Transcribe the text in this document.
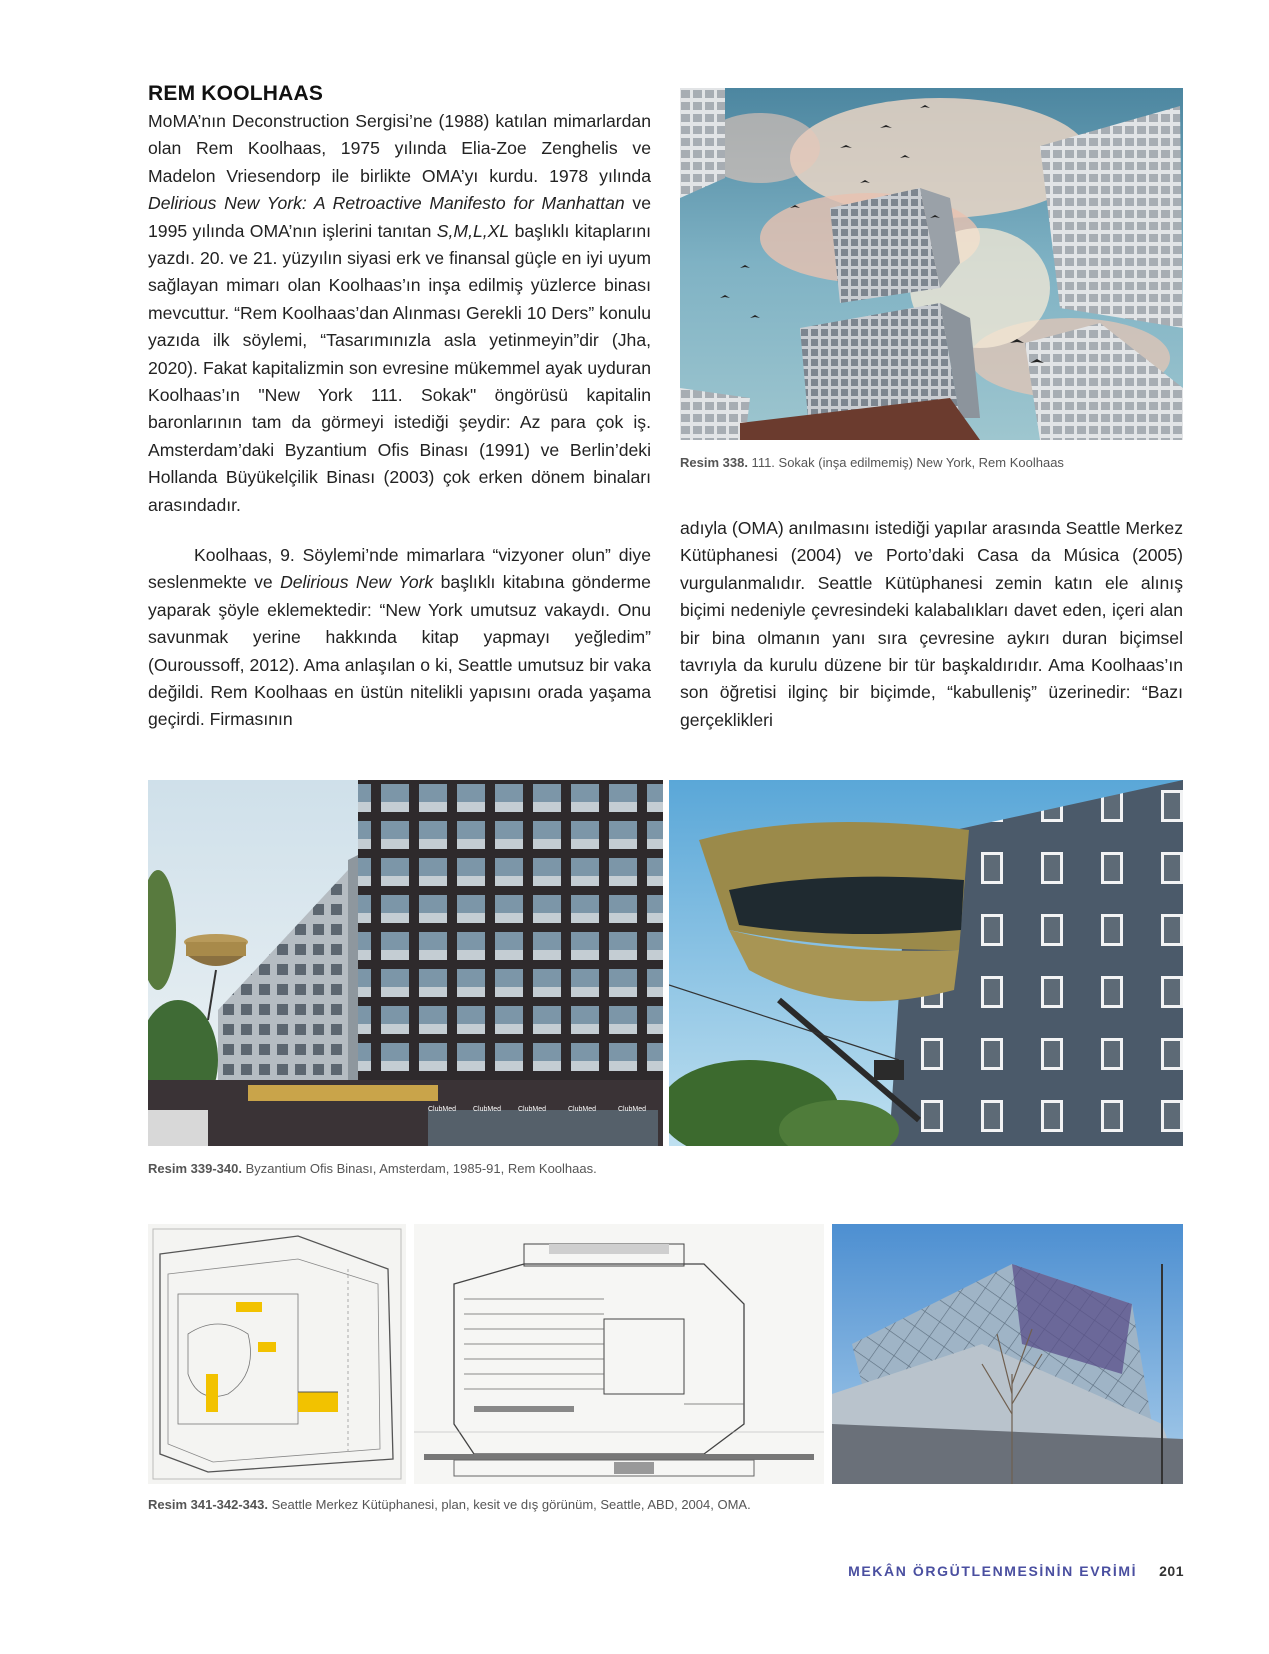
REM KOOLHAAS

MoMA’nın Deconstruction Sergisi’ne (1988) katılan mimarlardan olan Rem Koolhaas, 1975 yılında Elia-Zoe Zenghelis ve Madelon Vriesendorp ile birlikte OMA’yı kurdu. 1978 yılında Delirious New York: A Retroactive Manifesto for Manhattan ve 1995 yılında OMA’nın işlerini tanıtan S,M,L,XL başlıklı kitaplarını yazdı. 20. ve 21. yüzyılın siyasi erk ve finansal güçle en iyi uyum sağlayan mimarı olan Koolhaas’ın inşa edilmiş yüzlerce binası mevcuttur. “Rem Koolhaas’dan Alınması Gerekli 10 Ders” konulu yazıda ilk söylemi, “Tasarımınızla asla yetinmeyin”dir (Jha, 2020). Fakat kapitalizmin son evresine mükemmel ayak uyduran Koolhaas’ın "New York 111. Sokak" öngörüsü kapitalin baronlarının tam da görmeyi istediği şeydir: Az para çok iş. Amsterdam’daki Byzantium Ofis Binası (1991) ve Berlin’deki Hollanda Büyükelçilik Binası (2003) çok erken dönem binaları arasındadır.

Koolhaas, 9. Söylemi’nde mimarlara “vizyoner olun” diye seslenmekte ve Delirious New York başlıklı kitabına gönderme yaparak şöyle eklemektedir: “New York umutsuz vakaydı. Onu savunmak yerine hakkında kitap yapmayı yeğledim” (Ouroussoff, 2012). Ama anlaşılan o ki, Seattle umutsuz bir vaka değildi. Rem Koolhaas en üstün nitelikli yapısını orada yaşama geçirdi. Firmasının

adıyla (OMA) anılmasını istediği yapılar arasında Seattle Merkez Kütüphanesi (2004) ve Porto’daki Casa da Música (2005) vurgulanmalıdır. Seattle Kütüphanesi zemin katın ele alınış biçimi nedeniyle çevresindeki kalabalıkları davet eden, içeri alan bir bina olmanın yanı sıra çevresine aykırı duran biçimsel tavrıyla da kurulu düzene bir tür başkaldırıdır. Ama Koolhaas’ın son öğretisi ilginç bir biçimde, “kabulleniş” üzerinedir: “Bazı gerçeklikleri

Resim 338. 111. Sokak (inşa edilmemiş) New York, Rem Koolhaas
ClubMed ClubMed ClubMed	ClubMed	ClubMed
Resim 339-340. Byzantium Ofis Binası, Amsterdam, 1985-91, Rem Koolhaas.
Resim 341-342-343. Seattle Merkez Kütüphanesi, plan, kesit ve dış görünüm, Seattle, ABD, 2004, OMA.
MEKÂN ÖRGÜTLENMESİNİN EVRİMİ 201
